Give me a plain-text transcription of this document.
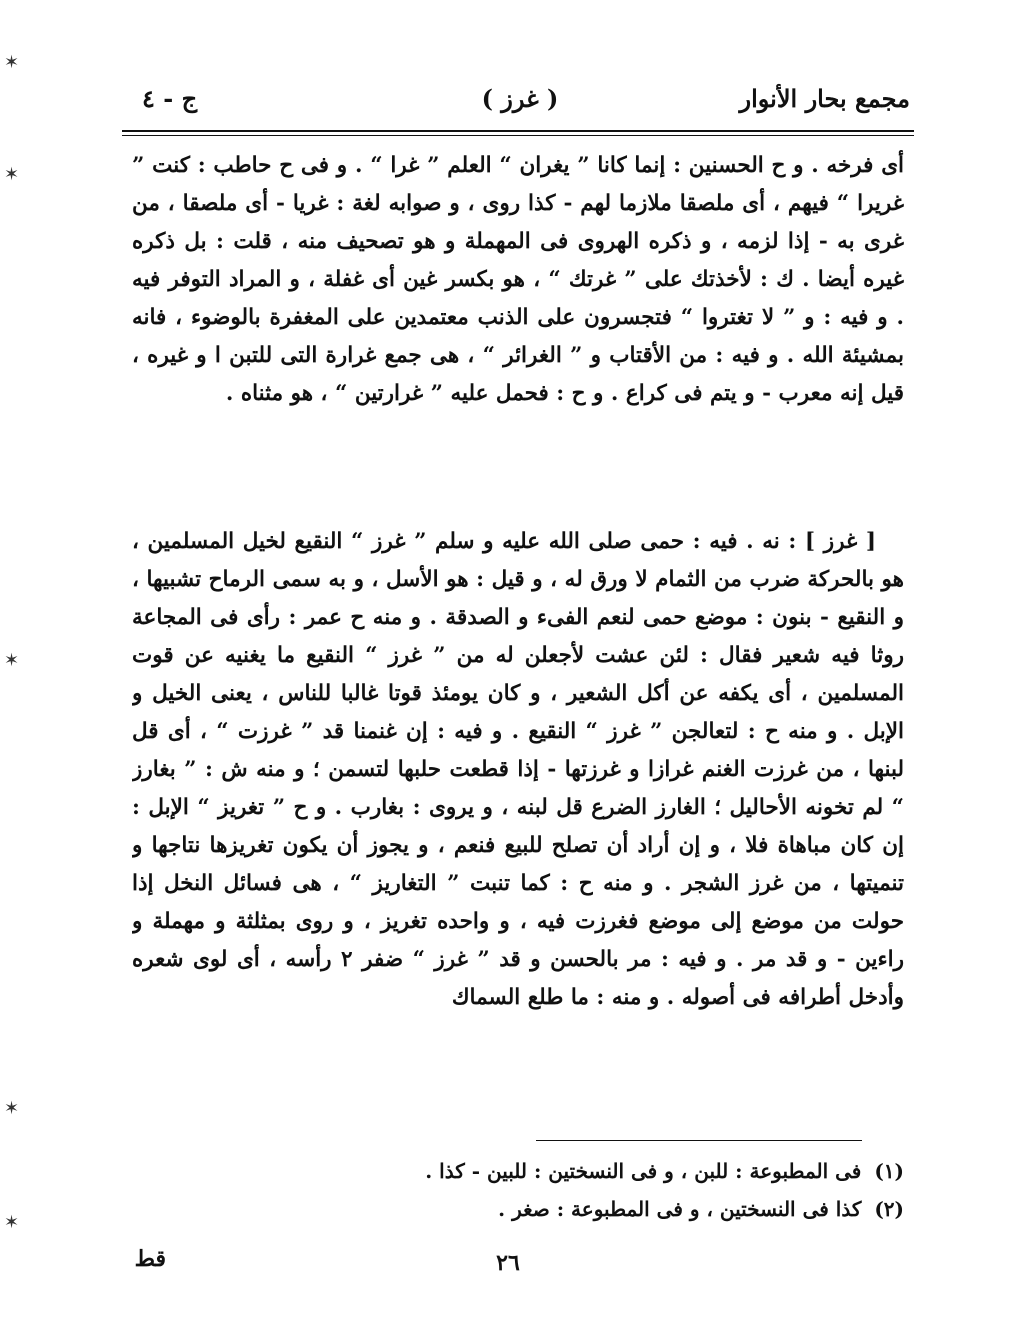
✶
✶
✶
✶
✶
مجمع بحار الأنوار
( غرز )
ج - ٤

أى فرخه . و ح الحسنين : إنما كانا ” يغران “ العلم ” غرا “ . و فى ح حاطب : كنت ” غريرا “ فيهم ، أى ملصقا ملازما لهم - كذا روى ، و صوابه لغة : غريا - أى ملصقا ، من غرى به - إذا لزمه ، و ذكره الهروى فى المهملة و هو تصحيف منه ، قلت : بل ذكره غيره أيضا . ك : لأخذتك على ” غرتك “ ، هو بكسر غين أى غفلة ، و المراد التوفر فيه . و فيه : و ” لا تغتروا “ فتجسرون على الذنب معتمدين على المغفرة بالوضوء ، فانه بمشيئة الله . و فيه : من الأقتاب و ” الغرائر “ ، هى جمع غرارة التى للتبن ا و غيره ، قيل إنه معرب - و يتم فى كراع . و ح : فحمل عليه ” غرارتين “ ، هو مثناه .

[ غرز ] : نه . فيه : حمى صلى الله عليه و سلم ” غرز “ النقيع لخيل المسلمين ، هو بالحركة ضرب من الثمام لا ورق له ، و قيل : هو الأسل ، و به سمى الرماح تشبيها ، و النقيع - بنون : موضع حمى لنعم الفىء و الصدقة . و منه ح عمر : رأى فى المجاعة روثا فيه شعير فقال : لئن عشت لأجعلن له من ” غرز “ النقيع ما يغنيه عن قوت المسلمين ، أى يكفه عن أكل الشعير ، و كان يومئذ قوتا غالبا للناس ، يعنى الخيل و الإبل . و منه ح : لتعالجن ” غرز “ النقيع . و فيه : إن غنمنا قد ” غرزت “ ، أى قل لبنها ، من غرزت الغنم غرازا و غرزتها - إذا قطعت حلبها لتسمن ؛ و منه ش : ” بغارز “ لم تخونه الأحاليل ؛ الغارز الضرع قل لبنه ، و يروى : بغارب . و ح ” تغريز “ الإبل : إن كان مباهاة فلا ، و إن أراد أن تصلح للبيع فنعم ، و يجوز أن يكون تغريزها نتاجها و تنميتها ، من غرز الشجر . و منه ح : كما تنبت ” التغاريز “ ، هى فسائل النخل إذا حولت من موضع إلى موضع فغرزت فيه ، و واحده تغريز ، و روى بمثلثة و مهملة و راءين - و قد مر . و فيه : مر بالحسن و قد ” غرز “ ضفر ٢ رأسه ، أى لوى شعره وأدخل أطرافه فى أصوله . و منه : ما طلع السماك

(١) فى المطبوعة : للبن ، و فى النسختين : للبين - كذا .

(٢) كذا فى النسختين ، و فى المطبوعة : صغر .

٢٦
قط
